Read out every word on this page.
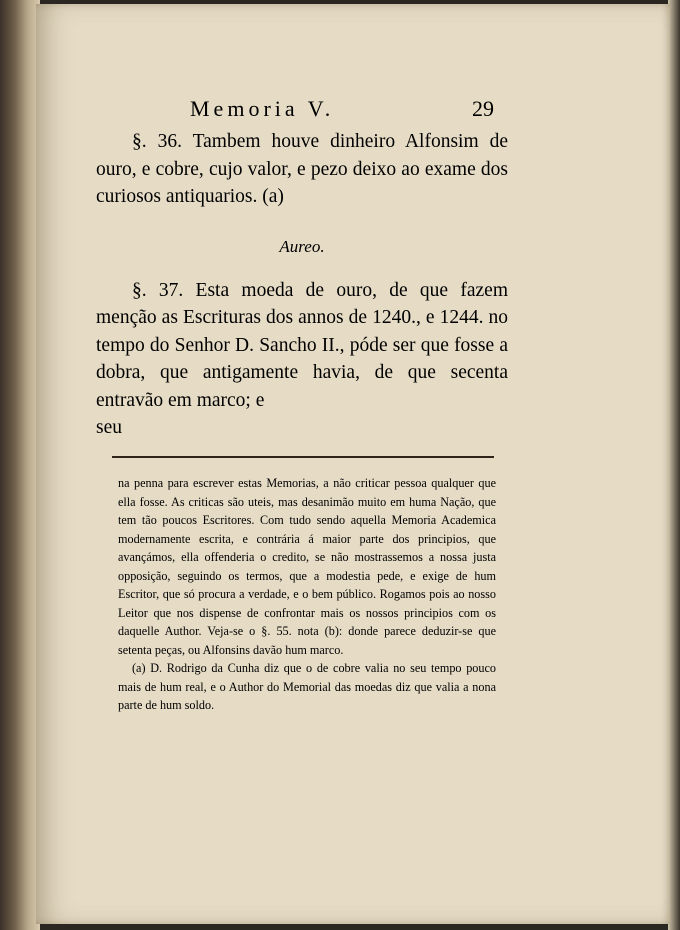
Memoria V.	29

§. 36. Tambem houve dinheiro Alfonsim de ouro, e cobre, cujo valor, e pezo deixo ao exame dos curiosos antiquarios. (a)

Aureo.

§. 37. Esta moeda de ouro, de que fazem menção as Escrituras dos annos de 1240., e 1244. no tempo do Senhor D. Sancho II., póde ser que fosse a dobra, que antigamente havia, de que secenta entravão em marco; e

seu

na penna para escrever estas Memorias, a não criticar pessoa qualquer que ella fosse. As criticas são uteis, mas desanimão muito em huma Nação, que tem tão poucos Escritores. Com tudo sendo aquella Memoria Academica modernamente escrita, e contrária á maior parte dos principios, que avançámos, ella offenderia o credito, se não mostrassemos a nossa justa opposição, seguindo os termos, que a modestia pede, e exige de hum Escritor, que só procura a verdade, e o bem público. Rogamos pois ao nosso Leitor que nos dispense de confrontar mais os nossos principios com os daquelle Author. Veja-se o §. 55. nota (b): donde parece deduzir-se que setenta peças, ou Alfonsins davão hum marco.

(a) D. Rodrigo da Cunha diz que o de cobre valia no seu tempo pouco mais de hum real, e o Author do Memorial das moedas diz que valia a nona parte de hum soldo.
